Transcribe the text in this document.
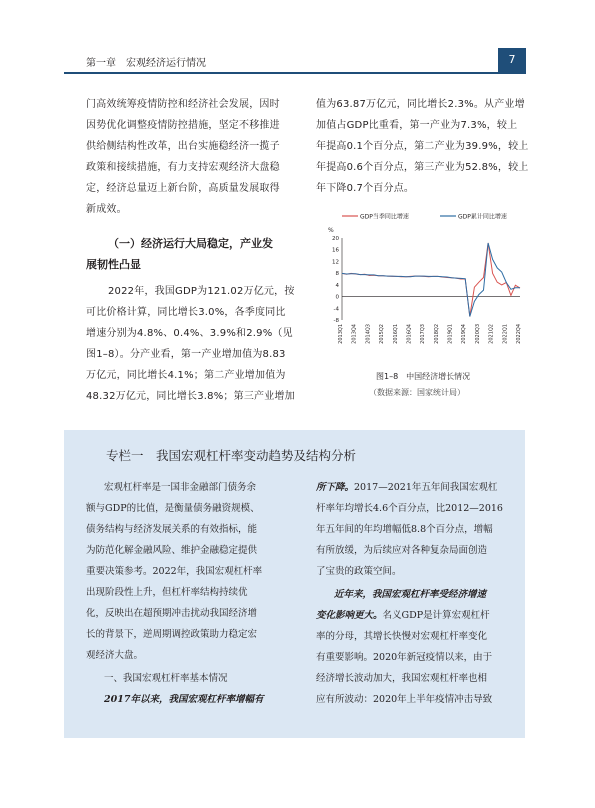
第一章　宏观经济运行情况	7
门高效统筹疫情防控和经济社会发展，因时
因势优化调整疫情防控措施，坚定不移推进
供给侧结构性改革，出台实施稳经济一揽子
政策和接续措施，有力支持宏观经济大盘稳
定，经济总量迈上新台阶，高质量发展取得
新成效。
（一）经济运行大局稳定，产业发
展韧性凸显
2022年，我国GDP为121.02万亿元，按
可比价格计算，同比增长3.0%，各季度同比
增速分别为4.8%、0.4%、3.9%和2.9%（见
图1–8）。分产业看，第一产业增加值为8.83
万亿元，同比增长4.1%；第二产业增加值为
48.32万亿元，同比增长3.8%；第三产业增加
值为63.87万亿元，同比增长2.3%。从产业增
加值占GDP比重看，第一产业为7.3%，较上
年提高0.1个百分点，第二产业为39.9%，较上
年提高0.6个百分点，第三产业为52.8%，较上
年下降0.7个百分点。
GDP当季同比增速	GDP累计同比增速
%
-8
-4
0
4
8
12
16
20
2013Q1 2013Q4 2014Q3 2015Q2 2016Q1 2016Q4 2017Q3 2018Q2 2019Q1 2019Q4 2020Q3 2021Q2 2022Q1 2022Q4
图1–8　中国经济增长情况
（数据来源：国家统计局）
专栏一　我国宏观杠杆率变动趋势及结构分析
宏观杠杆率是一国非金融部门债务余
额与GDP的比值，是衡量债务融资规模、
债务结构与经济发展关系的有效指标，能
为防范化解金融风险、维护金融稳定提供
重要决策参考。2022年，我国宏观杠杆率
出现阶段性上升，但杠杆率结构持续优
化，反映出在超预期冲击扰动我国经济增
长的背景下，逆周期调控政策助力稳定宏
观经济大盘。
一、我国宏观杠杆率基本情况
2017年以来，我国宏观杠杆率增幅有
所下降。2017—2021年五年间我国宏观杠
杆率年均增长4.6个百分点，比2012—2016
年五年间的年均增幅低8.8个百分点，增幅
有所放缓，为后续应对各种复杂局面创造
了宝贵的政策空间。
近年来，我国宏观杠杆率受经济增速
变化影响更大。名义GDP是计算宏观杠杆
率的分母，其增长快慢对宏观杠杆率变化
有重要影响。2020年新冠疫情以来，由于
经济增长波动加大，我国宏观杠杆率也相
应有所波动：2020年上半年疫情冲击导致
